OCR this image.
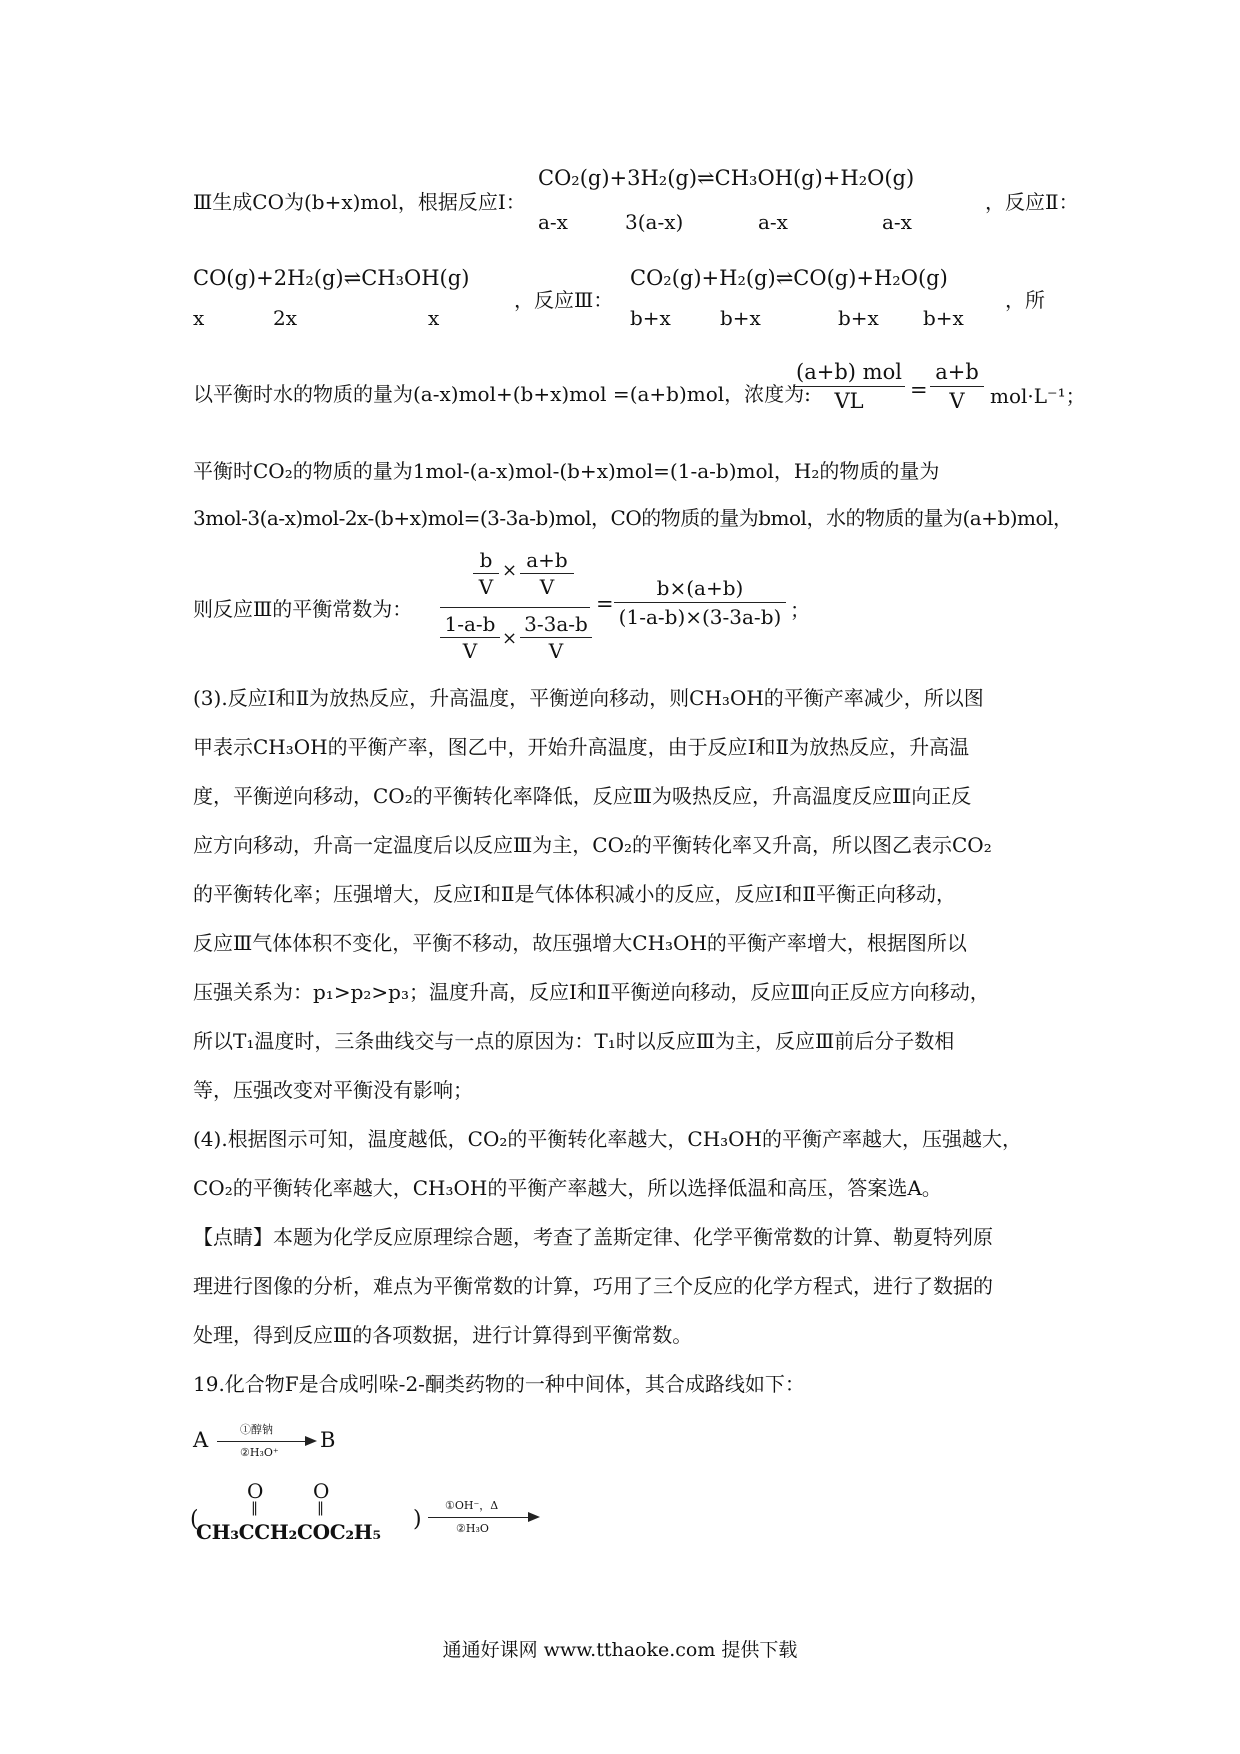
Ⅲ生成CO为(b+x)mol，根据反应Ⅰ：
CO₂(g)+3H₂(g)⇌CH₃OH(g)+H₂O(g)
a-x	3(a-x)	a-x	a-x
，反应Ⅱ：
CO(g)+2H₂(g)⇌CH₃OH(g)
x	2x	x
，反应Ⅲ：
CO₂(g)+H₂(g)⇌CO(g)+H₂O(g)
b+x b+x	b+x b+x
，所
以平衡时水的物质的量为(a-x)mol+(b+x)mol =(a+b)mol，浓度为:
(a+b) mol
VL	=
a+b
V	mol·L⁻¹；
平衡时CO₂的物质的量为1mol-(a-x)mol-(b+x)mol=(1-a-b)mol，H₂的物质的量为
3mol-3(a-x)mol-2x-(b+x)mol=(3-3a-b)mol，CO的物质的量为bmol，水的物质的量为(a+b)mol，
则反应Ⅲ的平衡常数为：
b
V
× a+b
V
1-a-b
V
×
3-3a-b
V
=
b×(a+b)
(1-a-b)×(3-3a-b) ；
(3).反应Ⅰ和Ⅱ为放热反应，升高温度，平衡逆向移动，则CH₃OH的平衡产率减少，所以图
甲表示CH₃OH的平衡产率，图乙中，开始升高温度，由于反应Ⅰ和Ⅱ为放热反应，升高温
度，平衡逆向移动，CO₂的平衡转化率降低，反应Ⅲ为吸热反应，升高温度反应Ⅲ向正反
应方向移动，升高一定温度后以反应Ⅲ为主，CO₂的平衡转化率又升高，所以图乙表示CO₂
的平衡转化率；压强增大，反应Ⅰ和Ⅱ是气体体积减小的反应，反应Ⅰ和Ⅱ平衡正向移动，
反应Ⅲ气体体积不变化，平衡不移动，故压强增大CH₃OH的平衡产率增大，根据图所以
压强关系为：p₁>p₂>p₃；温度升高，反应Ⅰ和Ⅱ平衡逆向移动，反应Ⅲ向正反应方向移动，
所以T₁温度时，三条曲线交与一点的原因为：T₁时以反应Ⅲ为主，反应Ⅲ前后分子数相
等，压强改变对平衡没有影响；
(4).根据图示可知，温度越低，CO₂的平衡转化率越大，CH₃OH的平衡产率越大，压强越大，
CO₂的平衡转化率越大，CH₃OH的平衡产率越大，所以选择低温和高压，答案选A。
【点睛】本题为化学反应原理综合题，考查了盖斯定律、化学平衡常数的计算、勒夏特列原
理进行图像的分析，难点为平衡常数的计算，巧用了三个反应的化学方程式，进行了数据的
处理，得到反应Ⅲ的各项数据，进行计算得到平衡常数。
19.化合物F是合成吲哚-2-酮类药物的一种中间体，其合成路线如下：
A	①醇钠
②H₃O⁺
B
(
O
‖
O
‖
CH₃CCH₂COC₂H₅ )
①OH⁻，Δ
②H₃O
通通好课网 www.tthaoke.com 提供下载
